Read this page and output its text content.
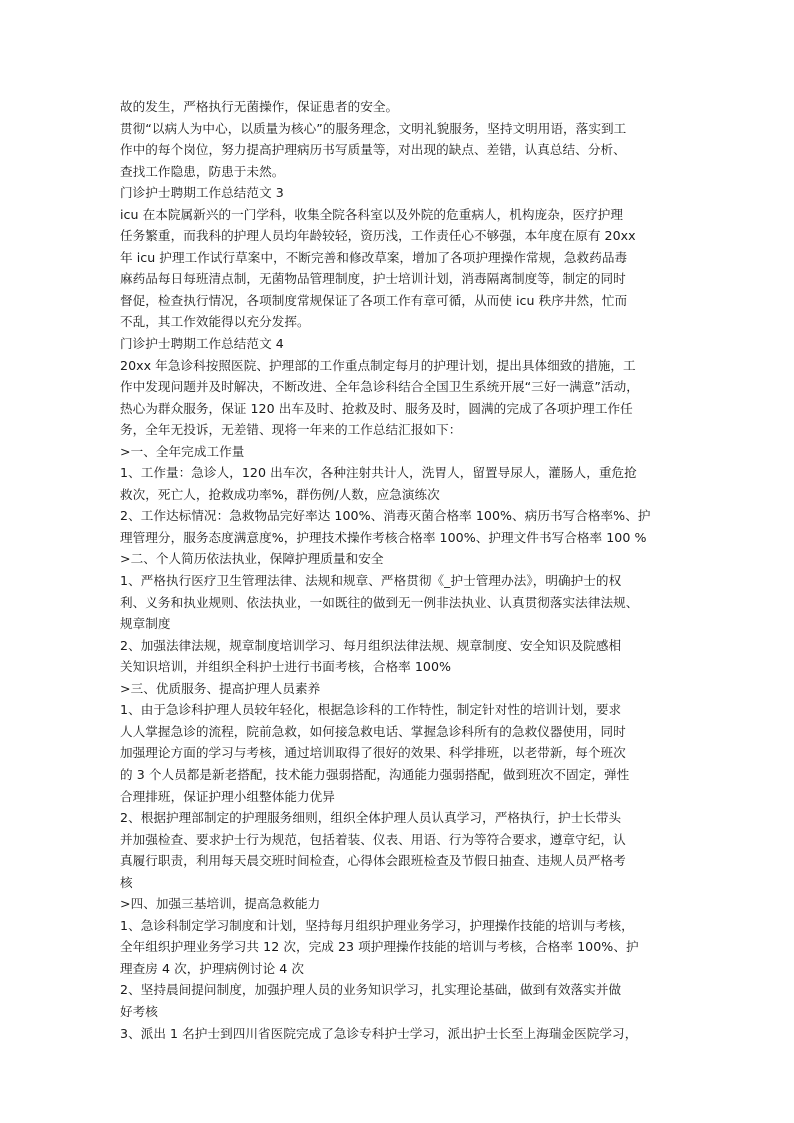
故的发生，严格执行无菌操作，保证患者的安全。
贯彻“以病人为中心，以质量为核心”的服务理念，文明礼貌服务，坚持文明用语，落实到工
作中的每个岗位，努力提高护理病历书写质量等，对出现的缺点、差错，认真总结、分析、
查找工作隐患，防患于未然。
门诊护士聘期工作总结范文 3
icu 在本院属新兴的一门学科，收集全院各科室以及外院的危重病人，机构庞杂，医疗护理
任务繁重，而我科的护理人员均年龄较轻，资历浅，工作责任心不够强，本年度在原有 20xx
年 icu 护理工作试行草案中，不断完善和修改草案，增加了各项护理操作常规，急救药品毒
麻药品每日每班清点制，无菌物品管理制度，护士培训计划，消毒隔离制度等，制定的同时
督促，检查执行情况，各项制度常规保证了各项工作有章可循，从而使 icu 秩序井然，忙而
不乱，其工作效能得以充分发挥。
门诊护士聘期工作总结范文 4
20xx 年急诊科按照医院、护理部的工作重点制定每月的护理计划，提出具体细致的措施，工
作中发现问题并及时解决，不断改进、全年急诊科结合全国卫生系统开展“三好一满意”活动，
热心为群众服务，保证 120 出车及时、抢救及时、服务及时，圆满的完成了各项护理工作任
务，全年无投诉，无差错、现将一年来的工作总结汇报如下：
>一、全年完成工作量
1、工作量：急诊人，120 出车次，各种注射共计人，洗胃人，留置导尿人，灌肠人，重危抢
救次，死亡人，抢救成功率%，群伤例/人数，应急演练次
2、工作达标情况：急救物品完好率达 100%、消毒灭菌合格率 100%、病历书写合格率%、护
理管理分，服务态度满意度%，护理技术操作考核合格率 100%、护理文件书写合格率 100 %
>二、个人简历依法执业，保障护理质量和安全
1、严格执行医疗卫生管理法律、法规和规章、严格贯彻《_护士管理办法》，明确护士的权
利、义务和执业规则、依法执业，一如既往的做到无一例非法执业、认真贯彻落实法律法规、
规章制度
2、加强法律法规，规章制度培训学习、每月组织法律法规、规章制度、安全知识及院感相
关知识培训，并组织全科护士进行书面考核，合格率 100%
>三、优质服务、提高护理人员素养
1、由于急诊科护理人员较年轻化，根据急诊科的工作特性，制定针对性的培训计划，要求
人人掌握急诊的流程，院前急救，如何接急救电话、掌握急诊科所有的急救仪器使用，同时
加强理论方面的学习与考核，通过培训取得了很好的效果、科学排班，以老带新，每个班次
的 3 个人员都是新老搭配，技术能力强弱搭配，沟通能力强弱搭配，做到班次不固定，弹性
合理排班，保证护理小组整体能力优异
2、根据护理部制定的护理服务细则，组织全体护理人员认真学习，严格执行，护士长带头
并加强检查、要求护士行为规范，包括着装、仪表、用语、行为等符合要求，遵章守纪，认
真履行职责，利用每天晨交班时间检查，心得体会跟班检查及节假日抽查、违规人员严格考
核
>四、加强三基培训，提高急救能力
1、急诊科制定学习制度和计划，坚持每月组织护理业务学习，护理操作技能的培训与考核，
全年组织护理业务学习共 12 次，完成 23 项护理操作技能的培训与考核，合格率 100%、护
理查房 4 次，护理病例讨论 4 次
2、坚持晨间提问制度，加强护理人员的业务知识学习，扎实理论基础，做到有效落实并做
好考核
3、派出 1 名护士到四川省医院完成了急诊专科护士学习，派出护士长至上海瑞金医院学习，
